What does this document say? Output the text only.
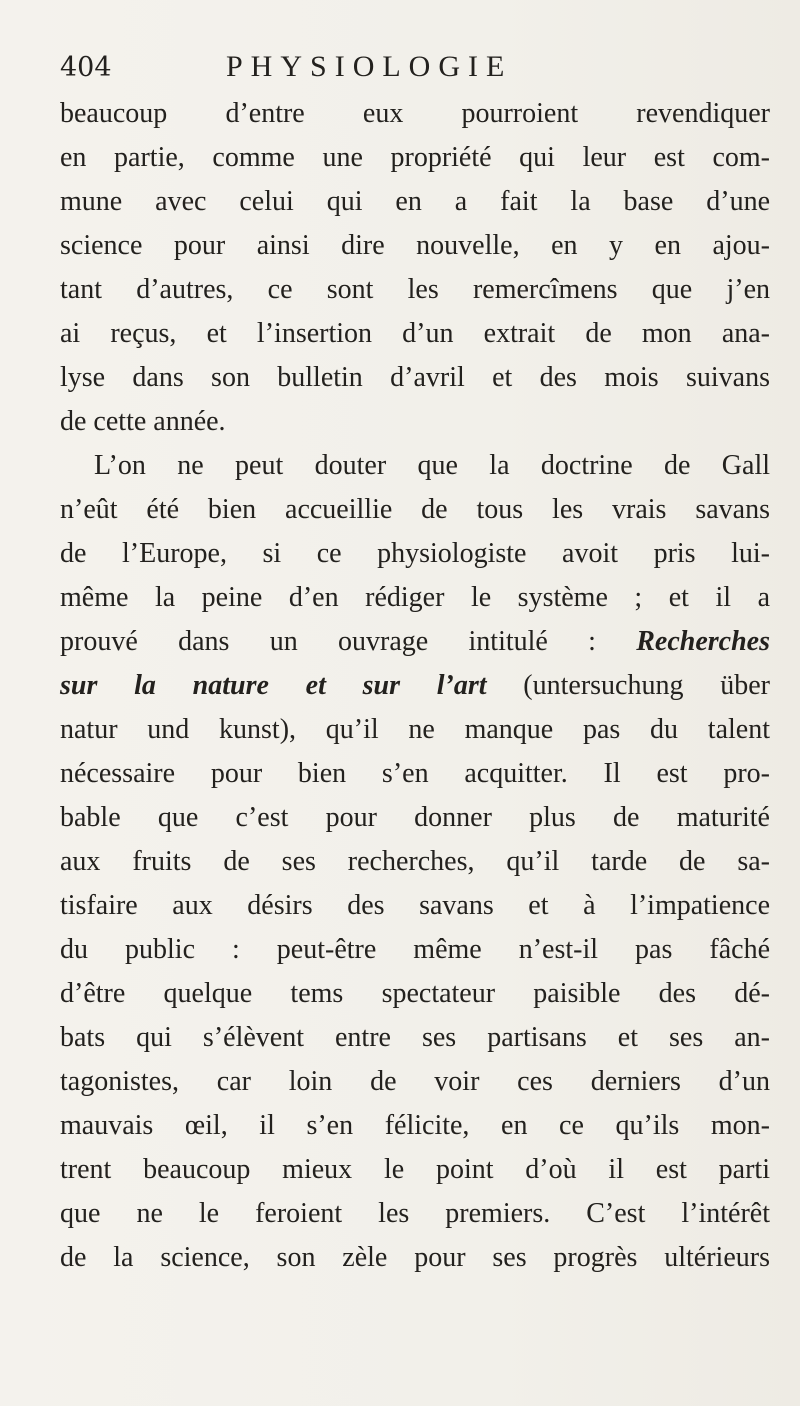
404	PHYSIOLOGIE
beaucoup d’entre eux pourroient revendiquer
en partie, comme une propriété qui leur est com-
mune avec celui qui en a fait la base d’une
science pour ainsi dire nouvelle, en y en ajou-
tant d’autres, ce sont les remercîmens que j’en
ai reçus, et l’insertion d’un extrait de mon ana-
lyse dans son bulletin d’avril et des mois suivans
de cette année.
L’on ne peut douter que la doctrine de Gall
n’eût été bien accueillie de tous les vrais savans
de l’Europe, si ce physiologiste avoit pris lui-
même la peine d’en rédiger le système ; et il a
prouvé dans un ouvrage intitulé : Recherches
sur la nature et sur l’art (untersuchung über
natur und kunst), qu’il ne manque pas du talent
nécessaire pour bien s’en acquitter. Il est pro-
bable que c’est pour donner plus de maturité
aux fruits de ses recherches, qu’il tarde de sa-
tisfaire aux désirs des savans et à l’impatience
du public : peut-être même n’est-il pas fâché
d’être quelque tems spectateur paisible des dé-
bats qui s’élèvent entre ses partisans et ses an-
tagonistes, car loin de voir ces derniers d’un
mauvais œil, il s’en félicite, en ce qu’ils mon-
trent beaucoup mieux le point d’où il est parti
que ne le feroient les premiers. C’est l’intérêt
de la science, son zèle pour ses progrès ultérieurs
